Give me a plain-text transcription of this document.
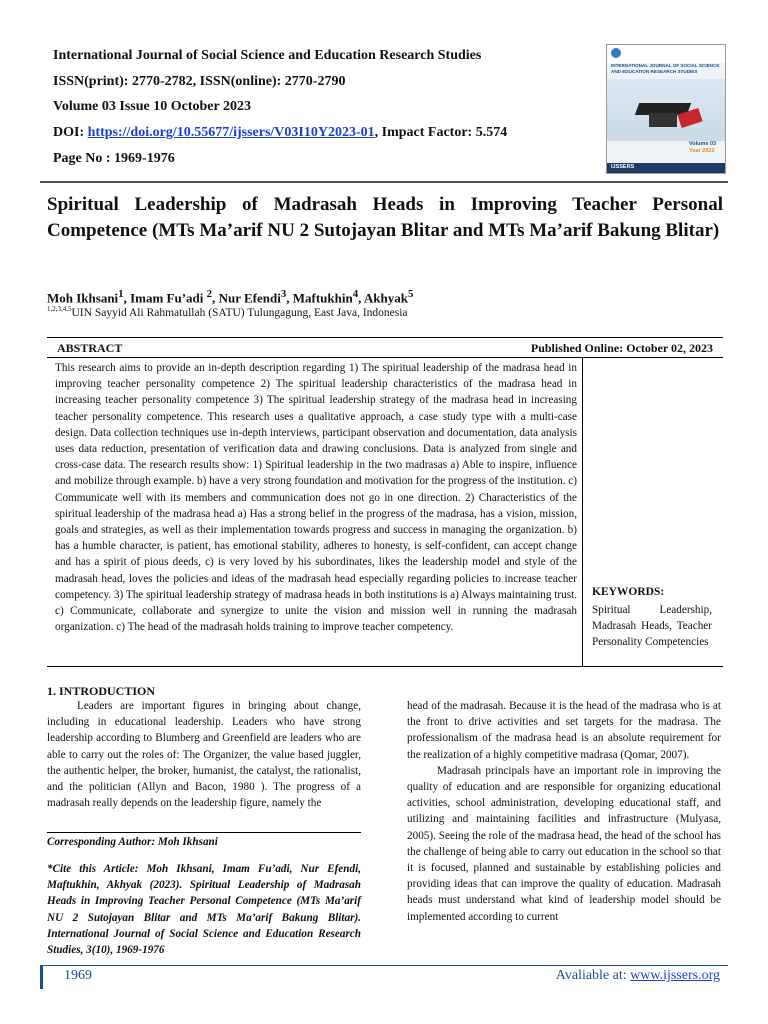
International Journal of Social Science and Education Research Studies
ISSN(print): 2770-2782, ISSN(online): 2770-2790
Volume 03 Issue 10 October 2023
DOI: https://doi.org/10.55677/ijssers/V03I10Y2023-01, Impact Factor: 5.574
Page No : 1969-1976
INTERNATIONAL JOURNAL OF SOCIAL SCIENCE AND EDUCATION RESEARCH STUDIES
Volume 03
Year 2023
IJSSERS
Spiritual Leadership of Madrasah Heads in Improving Teacher Personal Competence (MTs Ma’arif NU 2 Sutojayan Blitar and MTs Ma’arif Bakung Blitar)
Moh Ikhsani$^1$, Imam Fu’adi $^2$, Nur Efendi$^3$, Maftukhin$^4$, Akhyak$^5$
$^{1,2,3,4,5}$UIN Sayyid Ali Rahmatullah (SATU) Tulungagung, East Java, Indonesia
ABSTRACT	Published Online: October 02, 2023
This research aims to provide an in-depth description regarding 1) The spiritual leadership of the madrasa head in improving teacher personality competence 2) The spiritual leadership characteristics of the madrasa head in increasing teacher personality competence 3) The spiritual leadership strategy of the madrasa head in increasing teacher personality competence. This research uses a qualitative approach, a case study type with a multi-case design. Data collection techniques use in-depth interviews, participant observation and documentation, data analysis uses data reduction, presentation of verification data and drawing conclusions. Data is analyzed from single and cross-case data. The research results show: 1) Spiritual leadership in the two madrasas a) Able to inspire, influence and mobilize through example. b) have a very strong foundation and motivation for the progress of the institution. c) Communicate well with its members and communication does not go in one direction. 2) Characteristics of the spiritual leadership of the madrasa head a) Has a strong belief in the progress of the madrasa, has a vision, mission, goals and strategies, as well as their implementation towards progress and success in managing the organization. b) has a humble character, is patient, has emotional stability, adheres to honesty, is self-confident, can accept change and has a spirit of pious deeds, c) is very loved by his subordinates, likes the leadership model and style of the madrasah head, loves the policies and ideas of the madrasah head especially regarding policies to increase teacher competency. 3) The spiritual leadership strategy of madrasa heads in both institutions is a) Always maintaining trust. c) Communicate, collaborate and synergize to unite the vision and mission well in running the madrasah organization. c) The head of the madrasah holds training to improve teacher competency.
KEYWORDS:
Spiritual Leadership, Madrasah Heads, Teacher Personality Competencies
1. INTRODUCTION

Leaders are important figures in bringing about change, including in educational leadership. Leaders who have strong leadership according to Blumberg and Greenfield are leaders who are able to carry out the roles of: The Organizer, the value based juggler, the authentic helper, the broker, humanist, the catalyst, the rationalist, and the politician (Allyn and Bacon, 1980 ). The progress of a madrasah really depends on the leadership figure, namely the

head of the madrasah. Because it is the head of the madrasa who is at the front to drive activities and set targets for the madrasa. The professionalism of the madrasa head is an absolute requirement for the realization of a highly competitive madrasa (Qomar, 2007).

Madrasah principals have an important role in improving the quality of education and are responsible for organizing educational activities, school administration, developing educational staff, and utilizing and maintaining facilities and infrastructure (Mulyasa, 2005). Seeing the role of the madrasa head, the head of the school has the challenge of being able to carry out education in the school so that it is focused, planned and sustainable by establishing policies and providing ideas that can improve the quality of education. Madrasah heads must understand what kind of leadership model should be implemented according to current

Corresponding Author: Moh Ikhsani
*Cite this Article: Moh Ikhsani, Imam Fu’adi, Nur Efendi, Maftukhin, Akhyak (2023). Spiritual Leadership of Madrasah Heads in Improving Teacher Personal Competence (MTs Ma’arif NU 2 Sutojayan Blitar and MTs Ma’arif Bakung Blitar). International Journal of Social Science and Education Research Studies, 3(10), 1969-1976
1969	Avaliable at: www.ijssers.org
